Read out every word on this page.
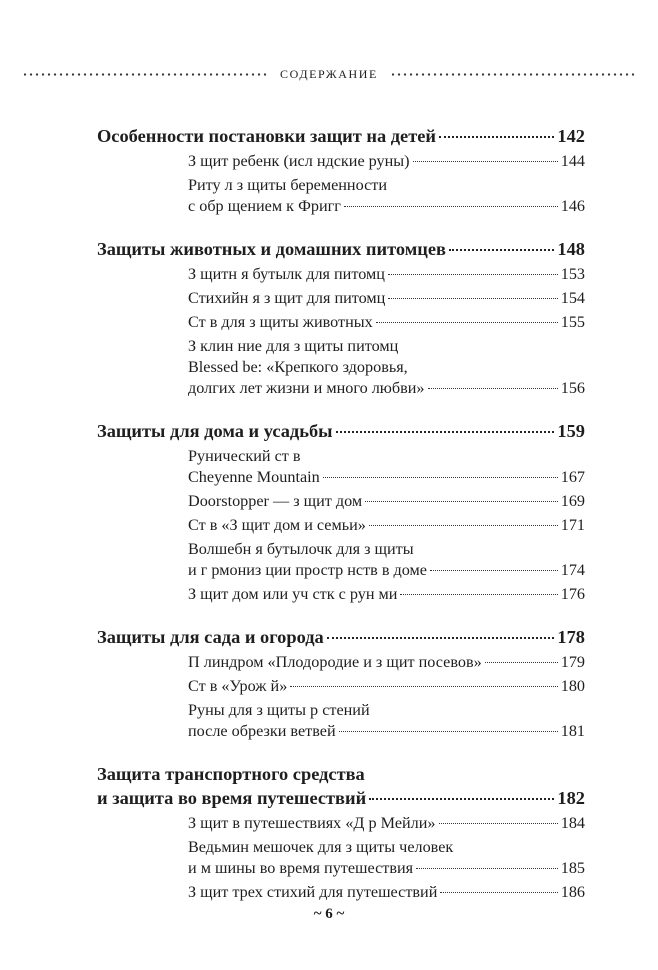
СОДЕРЖАНИЕ
Особенности постановки защит на детей	142
З щит ребенк (исл ндские руны)	144
Риту л з щиты беременности
с обр щением к Фригг	146
Защиты животных и домашних питомцев	148
З щитн я бутылк для питомц	153
Стихийн я з щит для питомц	154
Ст в для з щиты животных	155
З клин ние для з щиты питомц
Blessed be: «Крепкого здоровья,
долгих лет жизни и много любви»	156
Защиты для дома и усадьбы	159
Рунический ст в
Cheyenne Mountain	167
Doorstopper — з щит дом	169
Ст в «З щит дом и семьи»	171
Волшебн я бутылочк для з щиты
и г рмониз ции простр нств в доме	174
З щит дом или уч стк с рун ми	176
Защиты для сада и огорода	178
П линдром «Плодородие и з щит посевов»	179
Ст в «Урож й»	180
Руны для з щиты р стений
после обрезки ветвей	181
Защита транспортного средства
и защита во время путешествий	182
З щит в путешествиях «Д р Мейли»	184
Ведьмин мешочек для з щиты человек
и м шины во время путешествия	185
З щит трех стихий для путешествий	186
~ 6 ~
